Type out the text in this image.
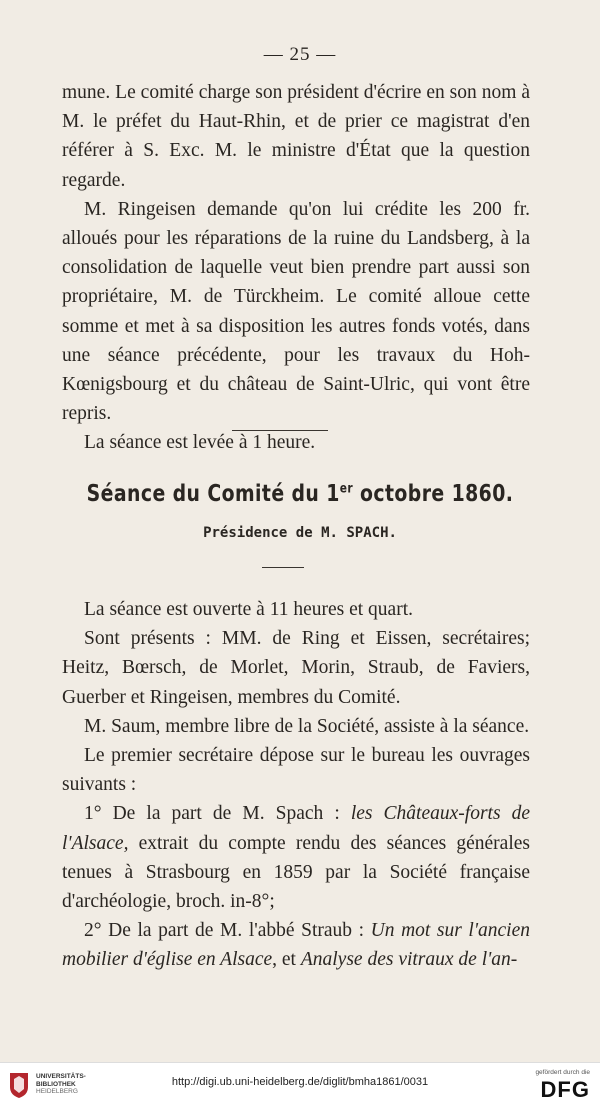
— 25 —

mune. Le comité charge son président d'écrire en son nom à M. le préfet du Haut-Rhin, et de prier ce magistrat d'en référer à S. Exc. M. le ministre d'État que la question regarde.

M. Ringeisen demande qu'on lui crédite les 200 fr. alloués pour les réparations de la ruine du Landsberg, à la consolidation de laquelle veut bien prendre part aussi son propriétaire, M. de Türckheim. Le comité alloue cette somme et met à sa disposition les autres fonds votés, dans une séance précédente, pour les travaux du Hoh-Kœnigsbourg et du château de Saint-Ulric, qui vont être repris.

La séance est levée à 1 heure.

Séance du Comité du 1er octobre 1860.
Présidence de M. SPACH.

La séance est ouverte à 11 heures et quart.

Sont présents : MM. de Ring et Eissen, secrétaires; Heitz, Bœrsch, de Morlet, Morin, Straub, de Faviers, Guerber et Ringeisen, membres du Comité.

M. Saum, membre libre de la Société, assiste à la séance.

Le premier secrétaire dépose sur le bureau les ouvrages suivants :

1° De la part de M. Spach : les Châteaux-forts de l'Alsace, extrait du compte rendu des séances générales tenues à Strasbourg en 1859 par la Société française d'archéologie, broch. in-8°;

2° De la part de M. l'abbé Straub : Un mot sur l'ancien mobilier d'église en Alsace, et Analyse des vitraux de l'an-

UNIVERSITÄTS-
BIBLIOTHEK
HEIDELBERG
http://digi.ub.uni-heidelberg.de/diglit/bmha1861/0031
gefördert durch die
DFG
